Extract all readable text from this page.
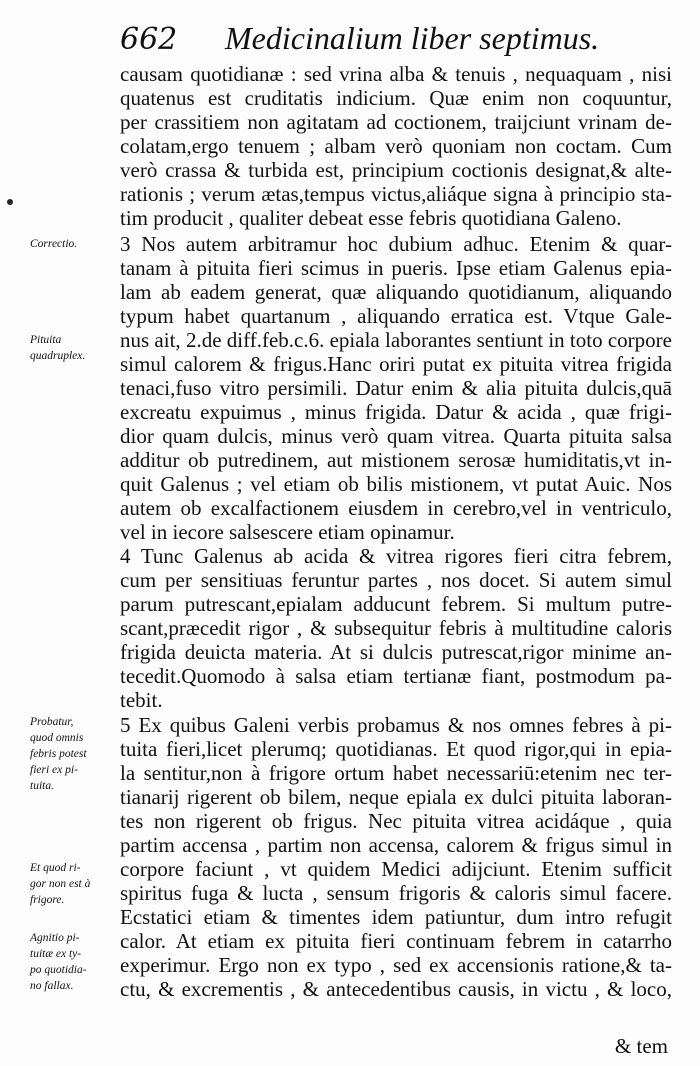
662 Medicinalium liber septimus.
causam quotidianæ : sed vrina alba & tenuis , nequaquam , nisi
quatenus est cruditatis indicium. Quæ enim non coquuntur,
per crassitiem non agitatam ad coctionem, traijciunt vrinam de-
colatam,ergo tenuem ; albam verò quoniam non coctam. Cum
verò crassa & turbida est, principium coctionis designat,& alte-
rationis ; verum ætas,tempus victus,aliáque signa à principio sta-
tim producit , qualiter debeat esse febris quotidiana Galeno.
3 Nos autem arbitramur hoc dubium adhuc. Etenim & quar-
tanam à pituita fieri scimus in pueris. Ipse etiam Galenus epia-
lam ab eadem generat, quæ aliquando quotidianum, aliquando
typum habet quartanum , aliquando erratica est. Vtque Gale-
nus ait, 2.de diff.feb.c.6. epiala laborantes sentiunt in toto corpore
simul calorem & frigus.Hanc oriri putat ex pituita vitrea frigida
tenaci,fuso vitro persimili. Datur enim & alia pituita dulcis,quā
excreatu expuimus , minus frigida. Datur & acida , quæ frigi-
dior quam dulcis, minus verò quam vitrea. Quarta pituita salsa
additur ob putredinem, aut mistionem serosæ humiditatis,vt in-
quit Galenus ; vel etiam ob bilis mistionem, vt putat Auic. Nos
autem ob excalfactionem eiusdem in cerebro,vel in ventriculo,
vel in iecore salsescere etiam opinamur.
4 Tunc Galenus ab acida & vitrea rigores fieri citra febrem,
cum per sensitiuas feruntur partes , nos docet. Si autem simul
parum putrescant,epialam adducunt febrem. Si multum putre-
scant,præcedit rigor , & subsequitur febris à multitudine caloris
frigida deuicta materia. At si dulcis putrescat,rigor minime an-
tecedit.Quomodo à salsa etiam tertianæ fiant, postmodum pa-
tebit.
5 Ex quibus Galeni verbis probamus & nos omnes febres à pi-
tuita fieri,licet plerumq; quotidianas. Et quod rigor,qui in epia-
la sentitur,non à frigore ortum habet necessariū:etenim nec ter-
tianarij rigerent ob bilem, neque epiala ex dulci pituita laboran-
tes non rigerent ob frigus. Nec pituita vitrea acidáque , quia
partim accensa , partim non accensa, calorem & frigus simul in
corpore faciunt , vt quidem Medici adijciunt. Etenim sufficit
spiritus fuga & lucta , sensum frigoris & caloris simul facere.
Ecstatici etiam & timentes idem patiuntur, dum intro refugit
calor. At etiam ex pituita fieri continuam febrem in catarrho
experimur. Ergo non ex typo , sed ex accensionis ratione,& ta-
ctu, & excrementis , & antecedentibus causis, in victu , & loco,
Correctio.
Pituita
quadruplex.
Probatur,
quod omnis
febris potest
fieri ex pi-
tuita.
Et quod ri-
gor non est à
frigore.
Agnitio pi-
tuitæ ex ty-
po quotidia-
no fallax.
& tem
